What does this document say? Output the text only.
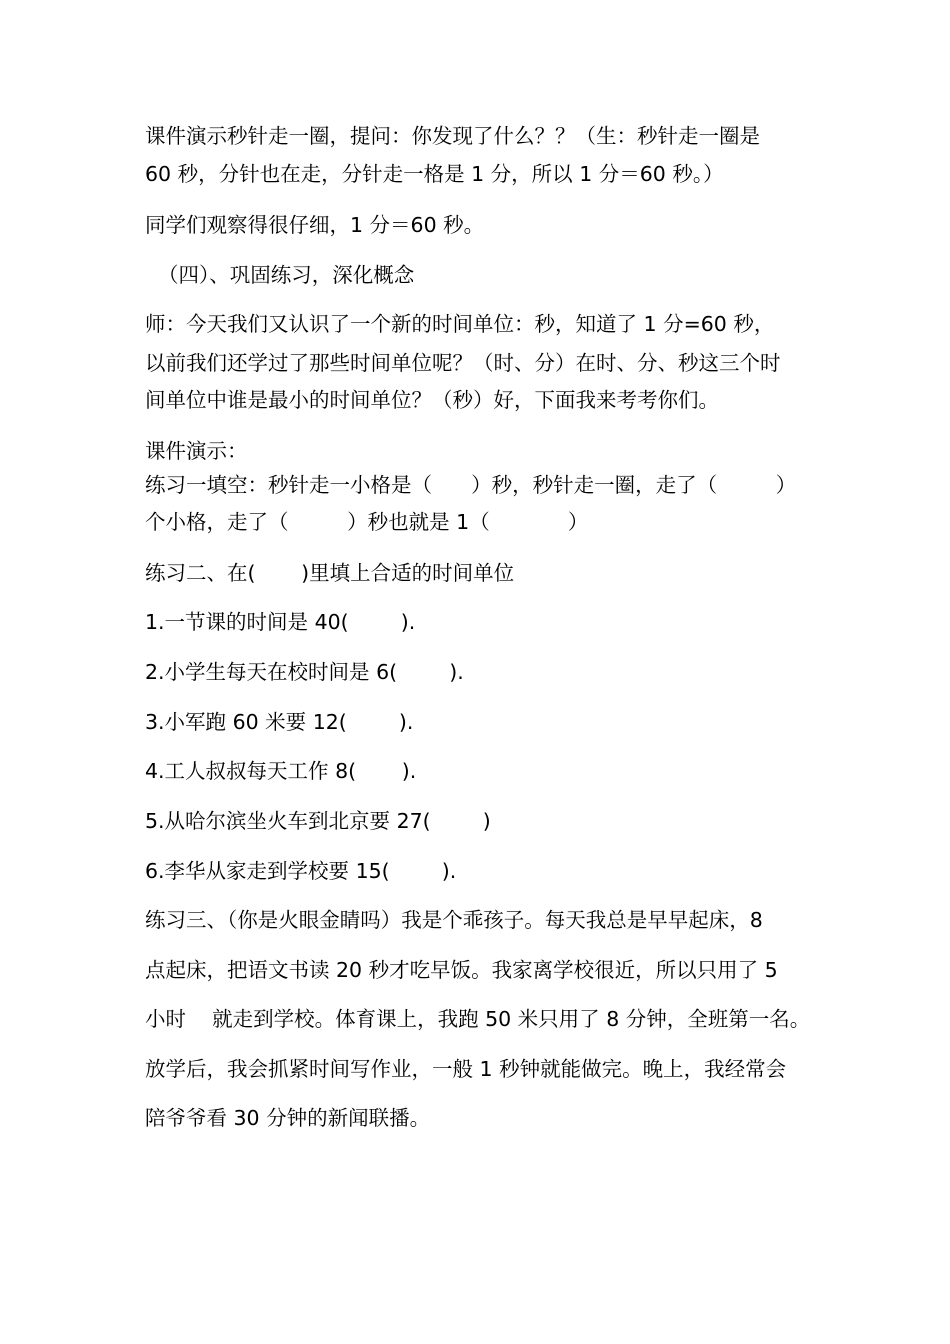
课件演示秒针走一圈，提问：你发现了什么？？（生：秒针走一圈是
60 秒，分针也在走，分针走一格是 1 分，所以 1 分＝60 秒。）
同学们观察得很仔细，1 分＝60 秒。
（四）、巩固练习，深化概念
师：今天我们又认识了一个新的时间单位：秒，知道了 1 分=60 秒，
以前我们还学过了那些时间单位呢？（时、分）在时、分、秒这三个时
间单位中谁是最小的时间单位？（秒）好，下面我来考考你们。
课件演示：
练习一填空：秒针走一小格是（      ）秒，秒针走一圈，走了（         ）
个小格，走了（         ）秒也就是 1（            ）
练习二、在(       )里填上合适的时间单位
1.一节课的时间是 40(        ).
2.小学生每天在校时间是 6(        ).
3.小军跑 60 米要 12(        ).
4.工人叔叔每天工作 8(       ).
5.从哈尔滨坐火车到北京要 27(        )
6.李华从家走到学校要 15(        ).
练习三、（你是火眼金睛吗）我是个乖孩子。每天我总是早早起床，8
点起床，把语文书读 20 秒才吃早饭。我家离学校很近，所以只用了 5
小时    就走到学校。体育课上，我跑 50 米只用了 8 分钟，全班第一名。
放学后，我会抓紧时间写作业，一般 1 秒钟就能做完。晚上，我经常会
陪爷爷看 30 分钟的新闻联播。
